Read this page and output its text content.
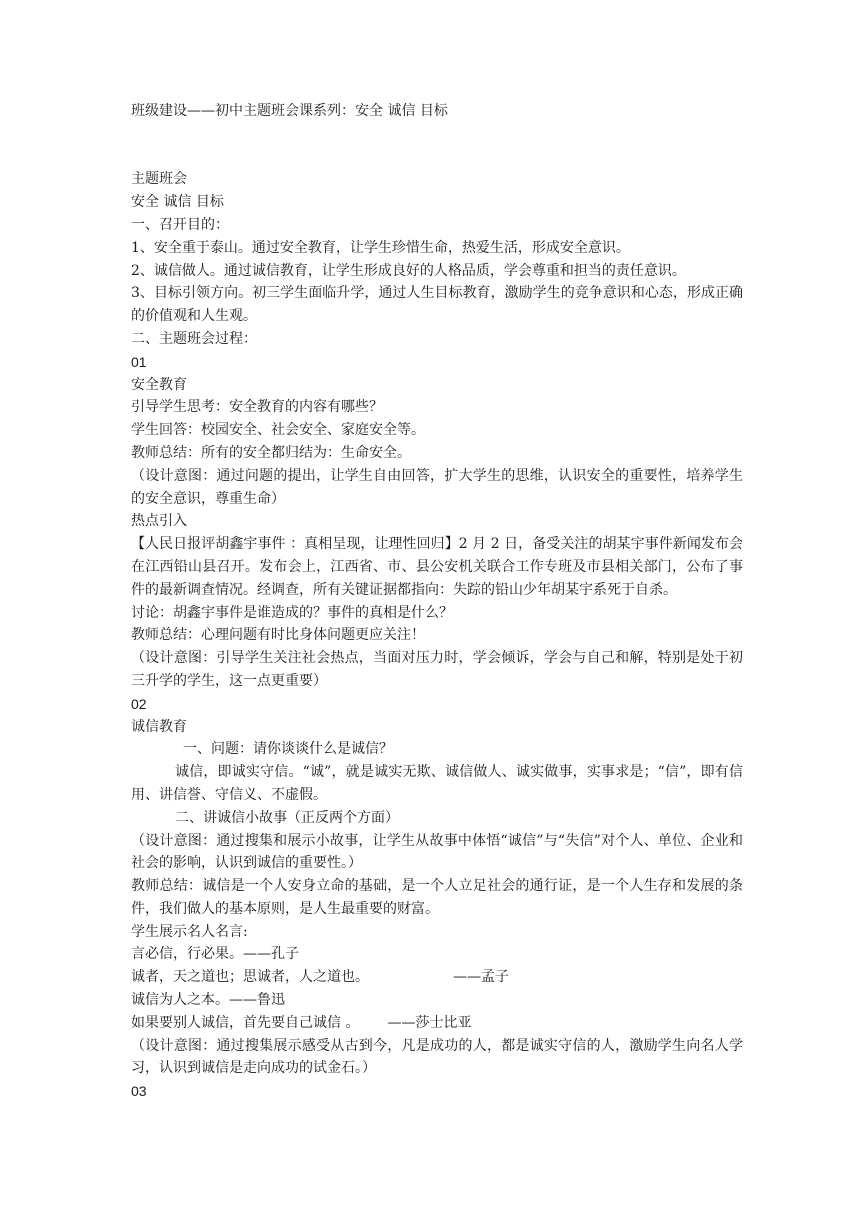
班级建设——初中主题班会课系列：安全 诚信 目标

主题班会

安全 诚信 目标

一、召开目的：

1、安全重于泰山。通过安全教育，让学生珍惜生命，热爱生活，形成安全意识。

2、诚信做人。通过诚信教育，让学生形成良好的人格品质，学会尊重和担当的责任意识。

3、目标引领方向。初三学生面临升学，通过人生目标教育，激励学生的竞争意识和心态，形成正确的价值观和人生观。

二、主题班会过程：

01

安全教育

引导学生思考：安全教育的内容有哪些？

学生回答：校园安全、社会安全、家庭安全等。

教师总结：所有的安全都归结为：生命安全。

（设计意图：通过问题的提出，让学生自由回答，扩大学生的思维，认识安全的重要性，培养学生的安全意识，尊重生命）

热点引入

【人民日报评胡鑫宇事件 ：真相呈现，让理性回归】2 月 2 日，备受关注的胡某宇事件新闻发布会在江西铅山县召开。发布会上，江西省、市、县公安机关联合工作专班及市县相关部门，公布了事件的最新调查情况。经调查，所有关键证据都指向：失踪的铅山少年胡某宇系死于自杀。

讨论：胡鑫宇事件是谁造成的？事件的真相是什么？

教师总结：心理问题有时比身体问题更应关注！

（设计意图：引导学生关注社会热点，当面对压力时，学会倾诉，学会与自己和解，特别是处于初三升学的学生，这一点更重要）

02

诚信教育

一、问题：请你谈谈什么是诚信？

诚信，即诚实守信。“诚”，就是诚实无欺、诚信做人、诚实做事，实事求是；“信”，即有信用、讲信誉、守信义、不虚假。

二、讲诚信小故事（正反两个方面）

（设计意图：通过搜集和展示小故事，让学生从故事中体悟“诚信”与“失信”对个人、单位、企业和社会的影响，认识到诚信的重要性。）

教师总结：诚信是一个人安身立命的基础，是一个人立足社会的通行证，是一个人生存和发展的条件，我们做人的基本原则，是人生最重要的财富。

学生展示名人名言:

言必信，行必果。——孔子

诚者，天之道也；思诚者，人之道也。	——孟子

诚信为人之本。——鲁迅

如果要别人诚信，首先要自己诚信 。 ——莎士比亚

（设计意图：通过搜集展示感受从古到今，凡是成功的人，都是诚实守信的人，激励学生向名人学习，认识到诚信是走向成功的试金石。）

03
